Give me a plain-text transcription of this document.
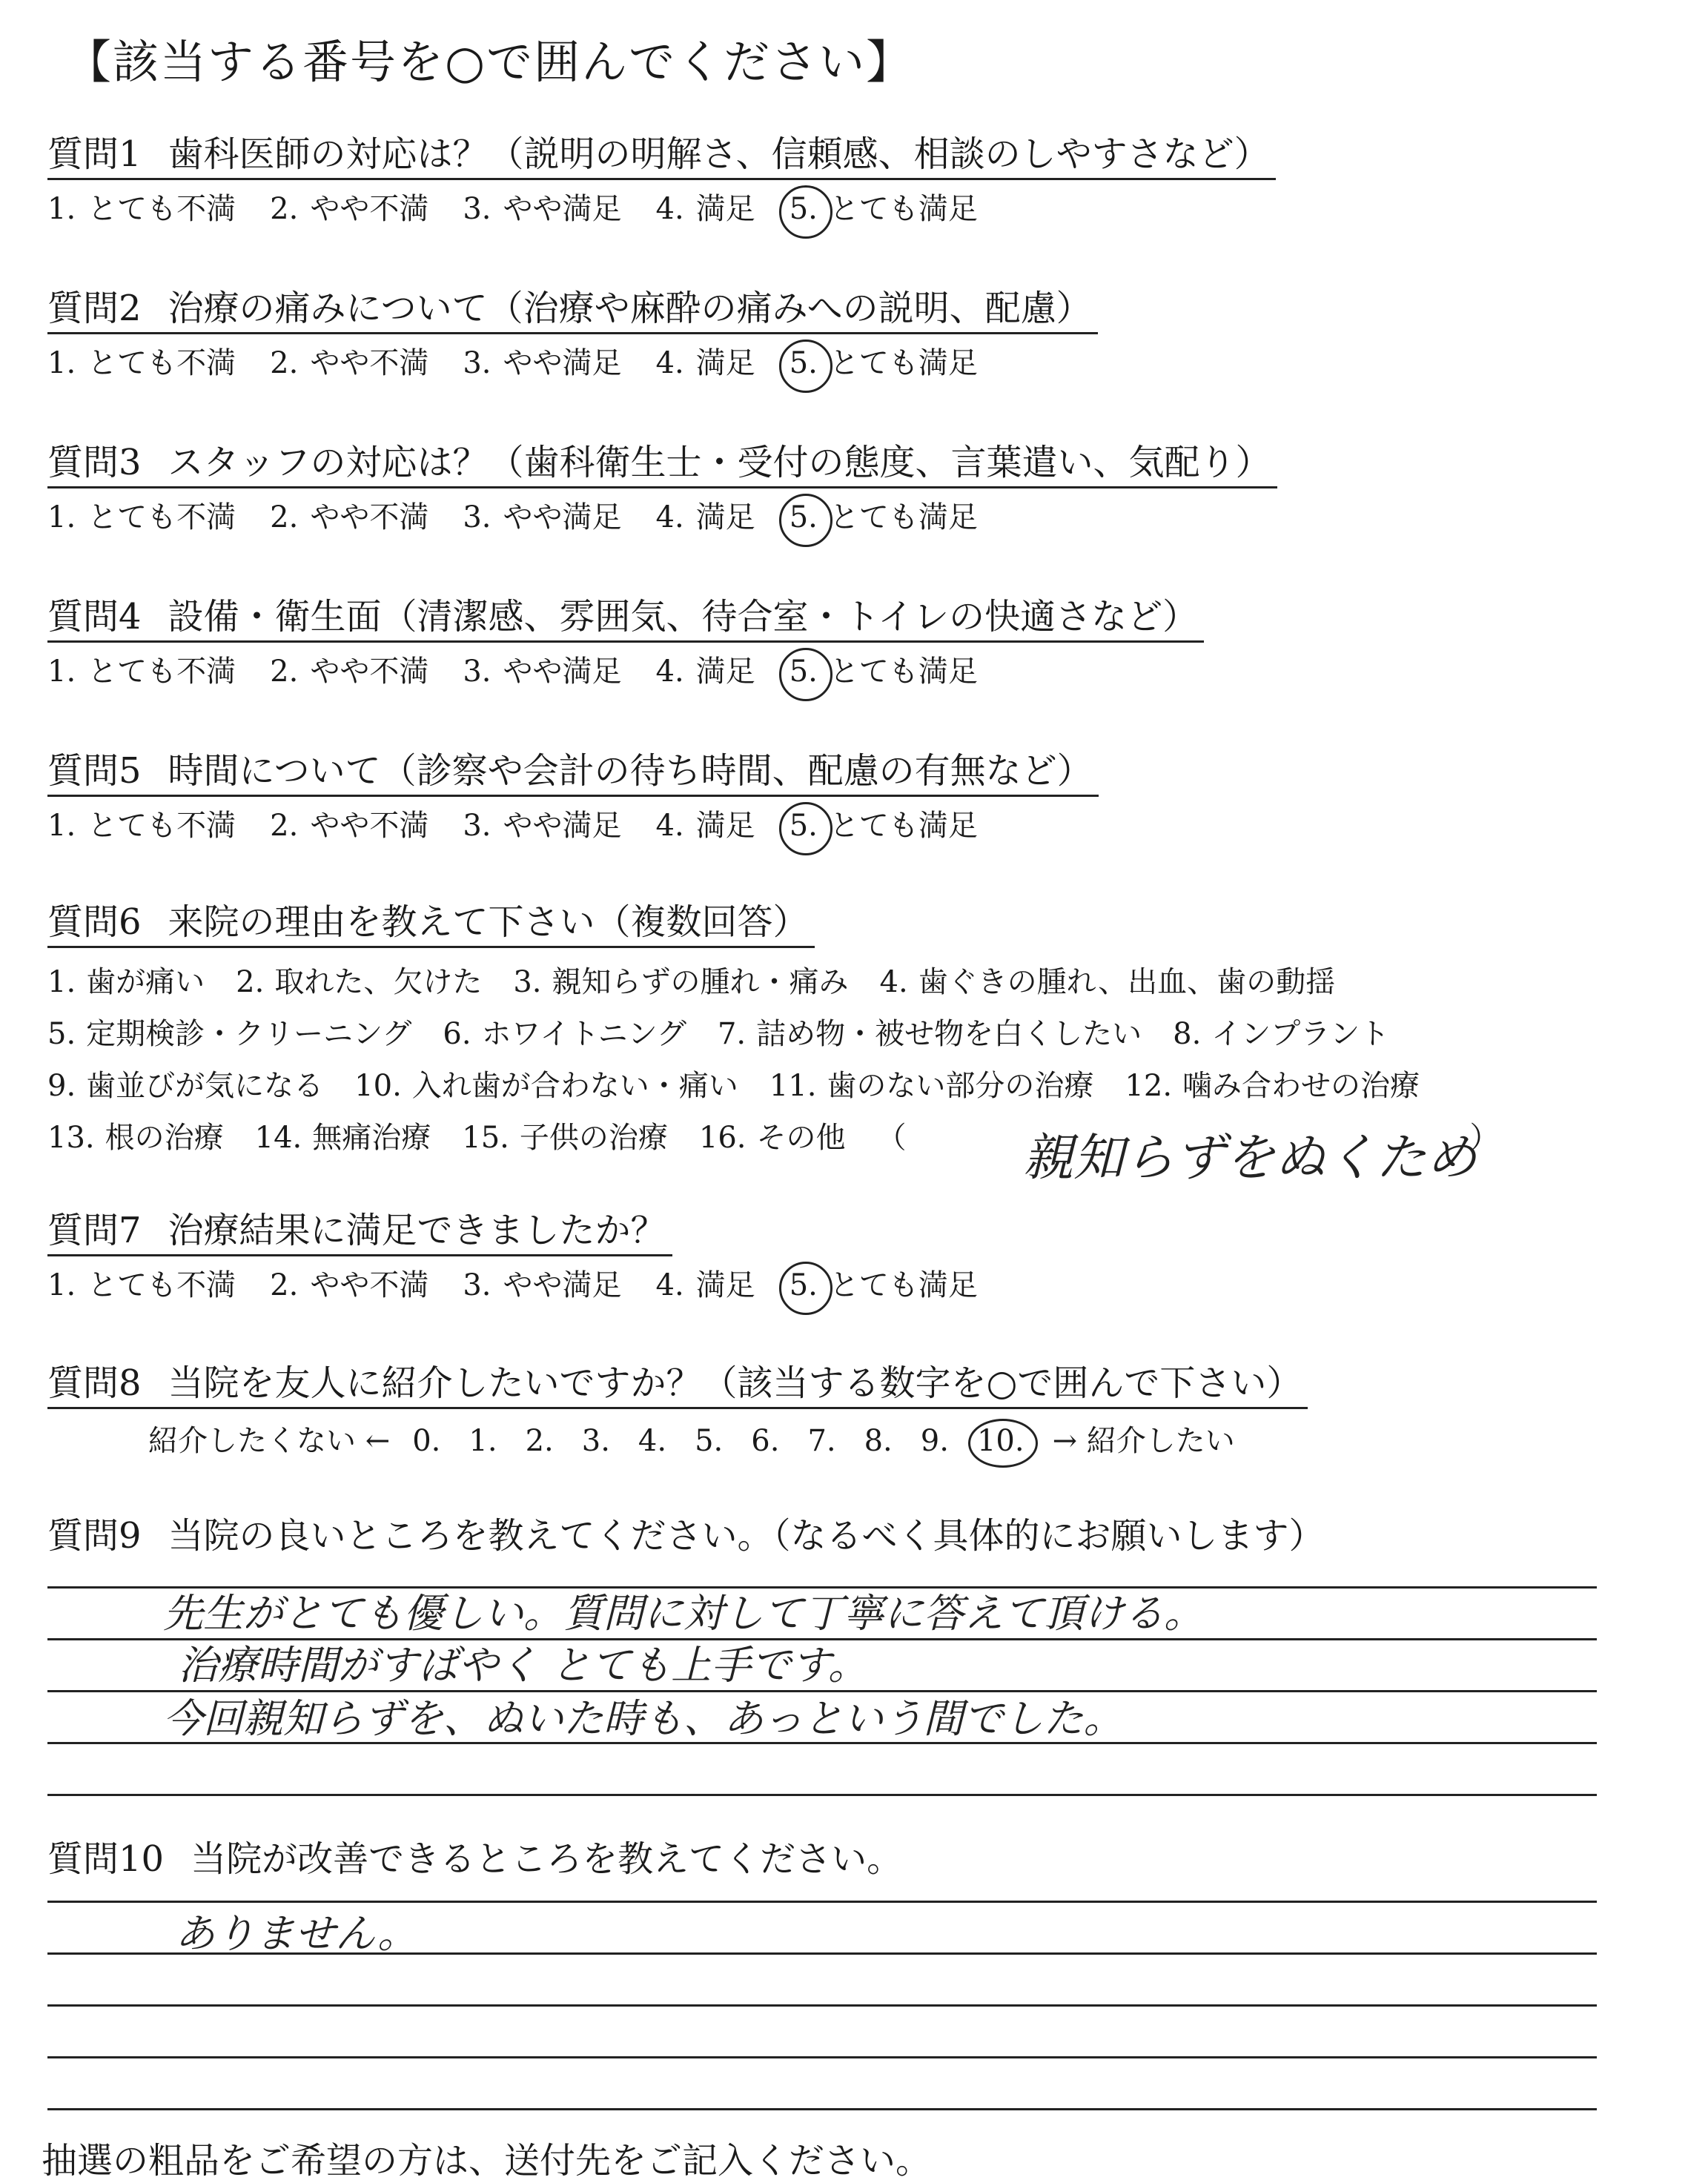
【該当する番号を○で囲んでください】
質問1 歯科医師の対応は？（説明の明解さ、信頼感、相談のしやすさなど）
1. とても不満 2. やや不満 3. やや満足 4. 満足 5. とても満足
質問2 治療の痛みについて（治療や麻酔の痛みへの説明、配慮）
1. とても不満 2. やや不満 3. やや満足 4. 満足 5. とても満足
質問3 スタッフの対応は？（歯科衛生士・受付の態度、言葉遣い、気配り）
1. とても不満 2. やや不満 3. やや満足 4. 満足 5. とても満足
質問4 設備・衛生面（清潔感、雰囲気、待合室・トイレの快適さなど）
1. とても不満 2. やや不満 3. やや満足 4. 満足 5. とても満足
質問5 時間について（診察や会計の待ち時間、配慮の有無など）
1. とても不満 2. やや不満 3. やや満足 4. 満足 5. とても満足
質問6 来院の理由を教えて下さい（複数回答）
1. 歯が痛い 2. 取れた、欠けた 3. 親知らずの腫れ・痛み 4. 歯ぐきの腫れ、出血、歯の動揺
5. 定期検診・クリーニング 6. ホワイトニング 7. 詰め物・被せ物を白くしたい 8. インプラント
9. 歯並びが気になる 10. 入れ歯が合わない・痛い 11. 歯のない部分の治療 12. 噛み合わせの治療
13. 根の治療 14. 無痛治療 15. 子供の治療 16. その他 （	）
親知らずをぬくため
質問7 治療結果に満足できましたか？
1. とても不満 2. やや不満 3. やや満足 4. 満足 5. とても満足
質問8 当院を友人に紹介したいですか？（該当する数字を○で囲んで下さい）
紹介したくない ← 0. 1. 2. 3. 4. 5. 6. 7. 8. 9. 10. → 紹介したい
質問9 当院の良いところを教えてください。（なるべく具体的にお願いします）
先生がとても優しい。質問に対して丁寧に答えて頂ける。
治療時間がすばやく とても上手です。
今回親知らずを、ぬいた時も、あっという間でした。
質問10 当院が改善できるところを教えてください。
ありません。
抽選の粗品をご希望の方は、送付先をご記入ください。
